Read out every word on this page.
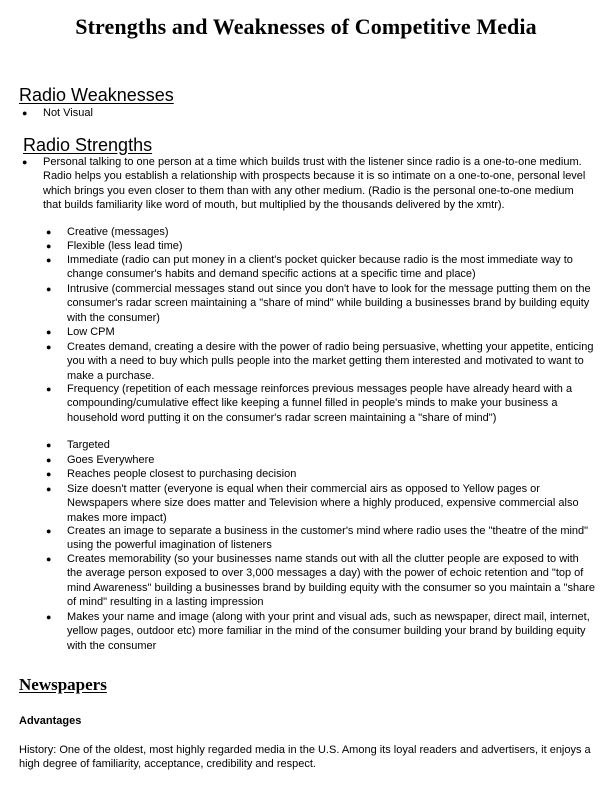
Strengths and Weaknesses of Competitive Media
Radio Weaknesses
● Not Visual
Radio Strengths
● Personal talking to one person at a time which builds trust with the listener since radio is a one-to-one medium. Radio helps you establish a relationship with prospects because it is so intimate on a one-to-one, personal level which brings you even closer to them than with any other medium. (Radio is the personal one-to-one medium that builds familiarity like word of mouth, but multiplied by the thousands delivered by the xmtr).
● Creative (messages)
● Flexible (less lead time)
● Immediate (radio can put money in a client's pocket quicker because radio is the most immediate way to change consumer's habits and demand specific actions at a specific time and place)
● Intrusive (commercial messages stand out since you don't have to look for the message putting them on the consumer's radar screen maintaining a "share of mind" while building a businesses brand by building equity with the consumer)
● Low CPM
● Creates demand, creating a desire with the power of radio being persuasive, whetting your appetite, enticing you with a need to buy which pulls people into the market getting them interested and motivated to want to make a purchase.
● Frequency (repetition of each message reinforces previous messages people have already heard with a compounding/cumulative effect like keeping a funnel filled in people's minds to make your business a household word putting it on the consumer's radar screen maintaining a "share of mind")
● Targeted
● Goes Everywhere
● Reaches people closest to purchasing decision
● Size doesn't matter (everyone is equal when their commercial airs as opposed to Yellow pages or Newspapers where size does matter and Television where a highly produced, expensive commercial also makes more impact)
● Creates an image to separate a business in the customer's mind where radio uses the "theatre of the mind" using the powerful imagination of listeners
● Creates memorability (so your businesses name stands out with all the clutter people are exposed to with the average person exposed to over 3,000 messages a day) with the power of echoic retention and "top of mind Awareness" building a businesses brand by building equity with the consumer so you maintain a "share of mind" resulting in a lasting impression
● Makes your name and image (along with your print and visual ads, such as newspaper, direct mail, internet, yellow pages, outdoor etc) more familiar in the mind of the consumer building your brand by building equity with the consumer
Newspapers
Advantages
History: One of the oldest, most highly regarded media in the U.S. Among its loyal readers and advertisers, it enjoys a high degree of familiarity, acceptance, credibility and respect.
